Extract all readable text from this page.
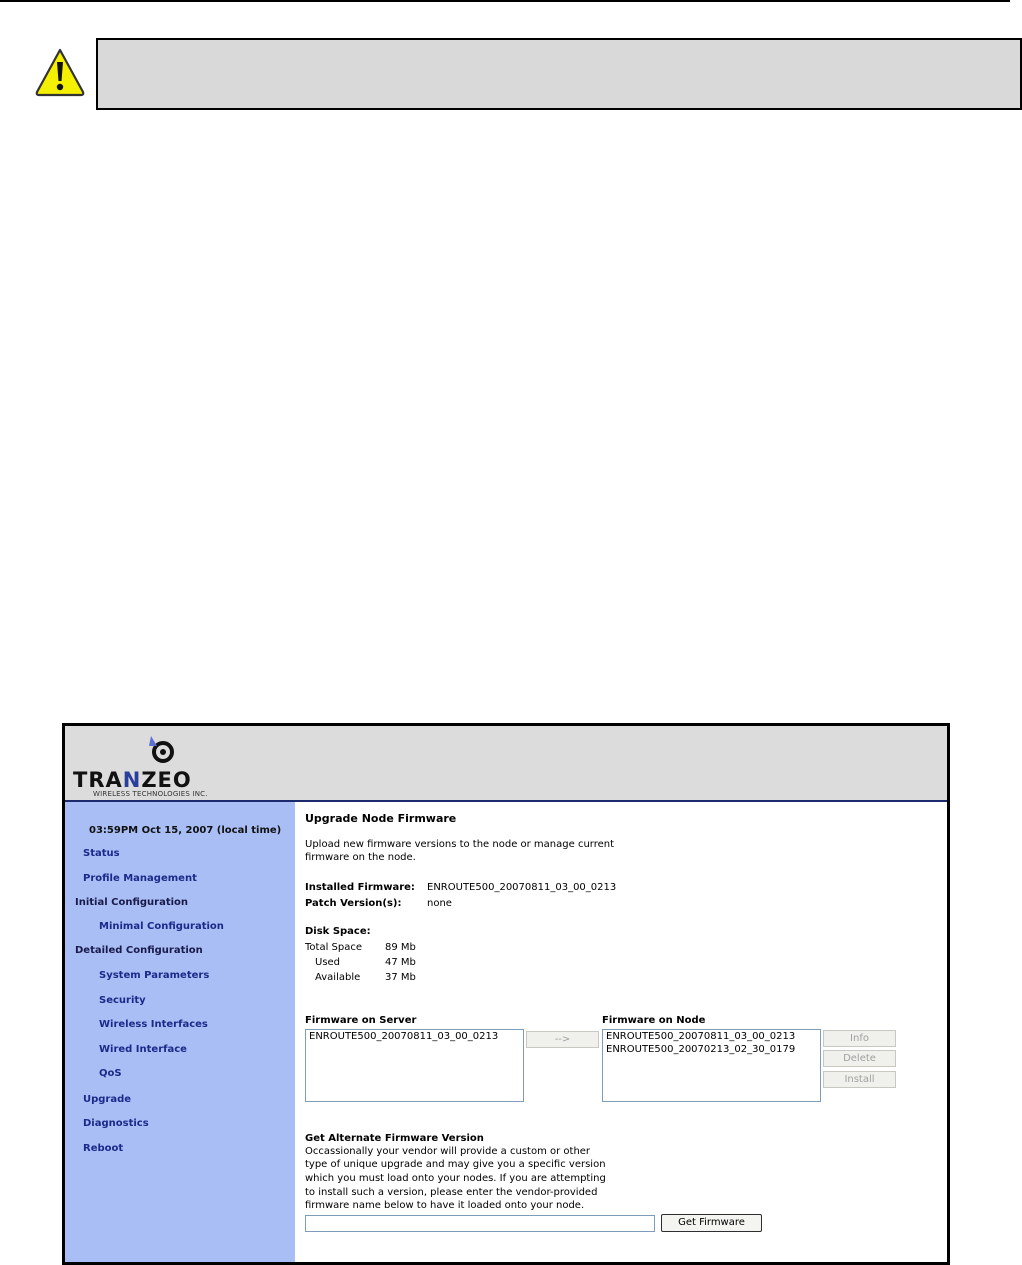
TRANZEO
WIRELESS TECHNOLOGIES INC.
03:59PM Oct 15, 2007 (local time)
Status
Profile Management
Initial Configuration
Minimal Configuration
Detailed Configuration
System Parameters
Security
Wireless Interfaces
Wired Interface
QoS
Upgrade
Diagnostics
Reboot
Upgrade Node Firmware
Upload new firmware versions to the node or manage current
firmware on the node.
Installed Firmware: ENROUTE500_20070811_03_00_0213
Patch Version(s):	none
Disk Space:
Total Space 89 Mb
Used	47 Mb
Available 37 Mb
Firmware on Server
ENROUTE500_20070811_03_00_0213	-->
Firmware on Node
ENROUTE500_20070811_03_00_0213
ENROUTE500_20070213_02_30_0179
Info
Delete
Install
Get Alternate Firmware Version
Occassionally your vendor will provide a custom or other
type of unique upgrade and may give you a specific version
which you must load onto your nodes. If you are attempting
to install such a version, please enter the vendor-provided
firmware name below to have it loaded onto your node.
Get Firmware
